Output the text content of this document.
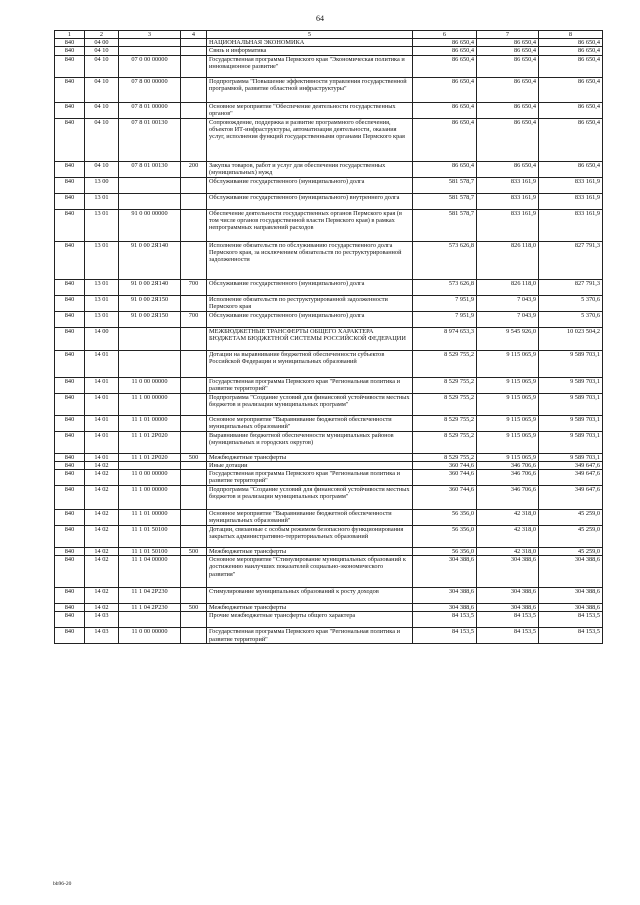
64
1	2	3	4	5	6	7	8
840	04 00			НАЦИОНАЛЬНАЯ ЭКОНОМИКА	86 650,4	86 650,4	86 650,4
840	04 10			Связь и информатика	86 650,4	86 650,4	86 650,4
840	04 10	07 0 00 00000		Государственная программа Пермского края "Экономическая политика и инновационное развитие"	86 650,4	86 650,4	86 650,4
840	04 10	07 8 00 00000		Подпрограмма "Повышение эффективности управления государственной программой, развитие областной инфраструктуры"	86 650,4	86 650,4	86 650,4
840	04 10	07 8 01 00000		Основное мероприятие "Обеспечение деятельности государственных органов"	86 650,4	86 650,4	86 650,4
840	04 10	07 8 01 00130		Сопровождение, поддержка и развитие программного обеспечения, объектов ИТ-инфраструктуры, автоматизация деятельности, оказания услуг, исполнения функций государственными органами Пермского края	86 650,4	86 650,4	86 650,4
840	04 10	07 8 01 00130	200	Закупка товаров, работ и услуг для обеспечения государственных (муниципальных) нужд	86 650,4	86 650,4	86 650,4
840	13 00			Обслуживание государственного (муниципального) долга	581 578,7	833 161,9	833 161,9
840	13 01			Обслуживание государственного (муниципального) внутреннего долга	581 578,7	833 161,9	833 161,9
840	13 01	91 0 00 00000		Обеспечение деятельности государственных органов Пермского края (в том числе органов государственной власти Пермского края) в рамках непрограммных направлений расходов	581 578,7	833 161,9	833 161,9
840	13 01	91 0 00 2Я140		Исполнение обязательств по обслуживанию государственного долга Пермского края, за исключением обязательств по реструктурированной задолженности	573 626,8	826 118,0	827 791,3
840	13 01	91 0 00 2Я140	700	Обслуживание государственного (муниципального) долга	573 626,8	826 118,0	827 791,3
840	13 01	91 0 00 2Я150		Исполнение обязательств по реструктурированной задолженности Пермского края	7 951,9	7 043,9	5 370,6
840	13 01	91 0 00 2Я150	700	Обслуживание государственного (муниципального) долга	7 951,9	7 043,9	5 370,6
840	14 00			МЕЖБЮДЖЕТНЫЕ ТРАНСФЕРТЫ ОБЩЕГО ХАРАКТЕРА БЮДЖЕТАМ БЮДЖЕТНОЙ СИСТЕМЫ РОССИЙСКОЙ ФЕДЕРАЦИИ	8 974 653,3	9 545 926,0	10 023 504,2
840	14 01			Дотации на выравнивание бюджетной обеспеченности субъектов Российской Федерации и муниципальных образований	8 529 755,2	9 115 065,9	9 589 703,1
840	14 01	11 0 00 00000		Государственная программа Пермского края "Региональная политика и развитие территорий"	8 529 755,2	9 115 065,9	9 589 703,1
840	14 01	11 1 00 00000		Подпрограмма "Создание условий для финансовой устойчивости местных бюджетов и реализации муниципальных программ"	8 529 755,2	9 115 065,9	9 589 703,1
840	14 01	11 1 01 00000		Основное мероприятие "Выравнивание бюджетной обеспеченности муниципальных образований"	8 529 755,2	9 115 065,9	9 589 703,1
840	14 01	11 1 01 2Р020		Выравнивание бюджетной обеспеченности муниципальных районов (муниципальных и городских округов)	8 529 755,2	9 115 065,9	9 589 703,1
840	14 01	11 1 01 2Р020	500	Межбюджетные трансферты	8 529 755,2	9 115 065,9	9 589 703,1
840	14 02			Иные дотации	360 744,6	346 706,6	349 647,6
840	14 02	11 0 00 00000		Государственная программа Пермского края "Региональная политика и развитие территорий"	360 744,6	346 706,6	349 647,6
840	14 02	11 1 00 00000		Подпрограмма "Создание условий для финансовой устойчивости местных бюджетов и реализации муниципальных программ"	360 744,6	346 706,6	349 647,6
840	14 02	11 1 01 00000		Основное мероприятие "Выравнивание бюджетной обеспеченности муниципальных образований"	56 356,0	42 318,0	45 259,0
840	14 02	11 1 01 50100		Дотации, связанные с особым режимом безопасного функционирования закрытых административно-территориальных образований	56 356,0	42 318,0	45 259,0
840	14 02	11 1 01 50100	500	Межбюджетные трансферты	56 356,0	42 318,0	45 259,0
840	14 02	11 1 04 00000		Основное мероприятие "Стимулирование муниципальных образований к достижению наилучших показателей социально-экономического развития"	304 388,6	304 388,6	304 388,6
840	14 02	11 1 04 2Р230		Стимулирование муниципальных образований к росту доходов	304 388,6	304 388,6	304 388,6
840	14 02	11 1 04 2Р230	500	Межбюджетные трансферты	304 388,6	304 388,6	304 388,6
840	14 03			Прочие межбюджетные трансферты общего характера	84 153,5	84 153,5	84 153,5
840	14 03	11 0 00 00000		Государственная программа Пермского края "Региональная политика и развитие территорий"	84 153,5	84 153,5	84 153,5
bb96-20
